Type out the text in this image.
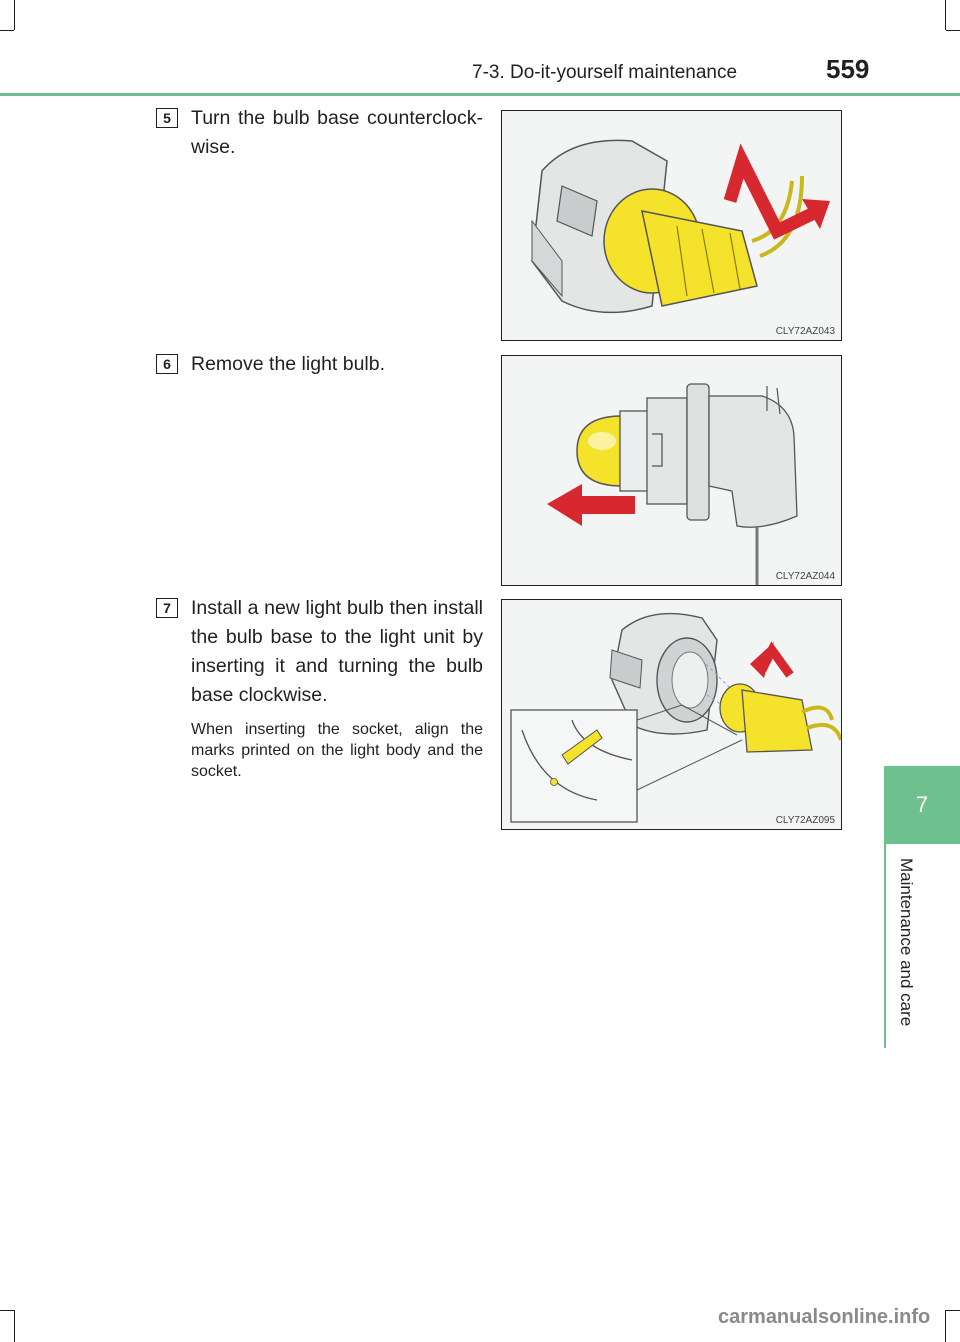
7-3. Do-it-yourself maintenance	559
7
Maintenance and care
5	Turn the bulb base counterclock-wise.
CLY72AZ043
6	Remove the light bulb.
CLY72AZ044
7	Install a new light bulb then install the bulb base to the light unit by inserting it and turning the bulb base clockwise.
When inserting the socket, align the marks printed on the light body and the socket.
CLY72AZ095
carmanualsonline.info
